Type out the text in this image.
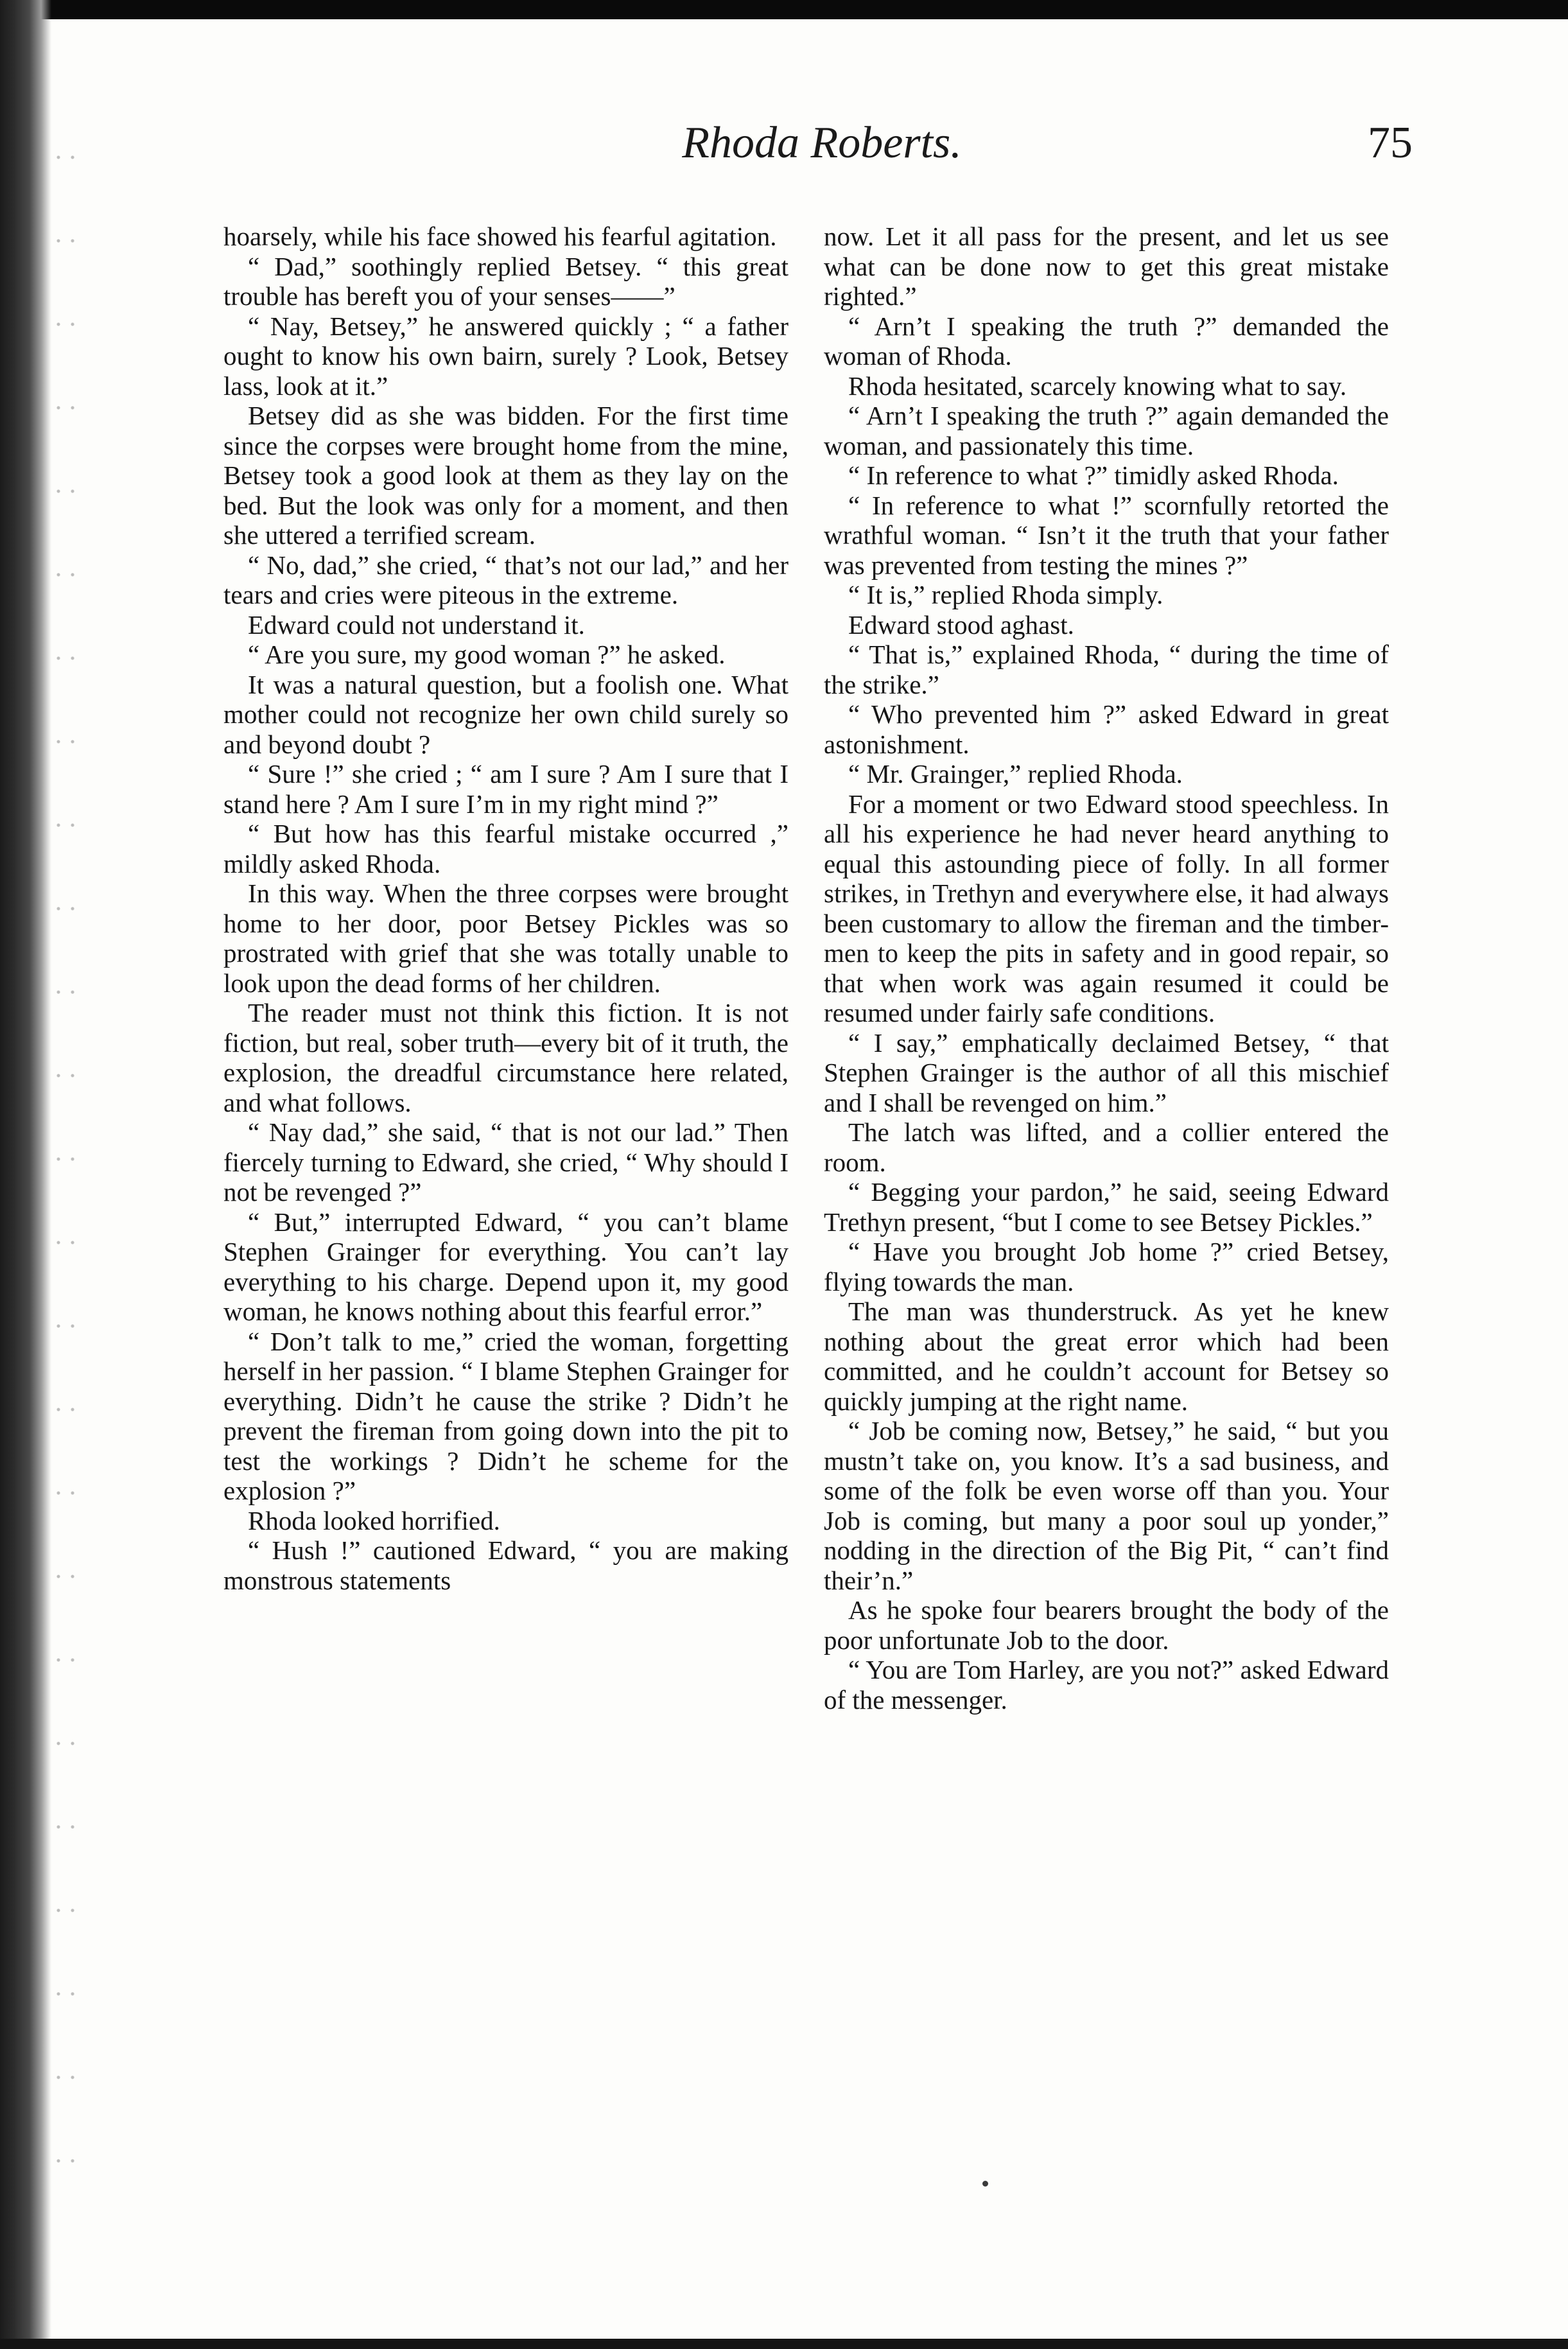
Rhoda Roberts.	75

hoarsely, while his face showed his fearful agitation.

“ Dad,” soothingly replied Betsey. “ this great trouble has bereft you of your senses——”

“ Nay, Betsey,” he answered quickly ; “ a father ought to know his own bairn, surely ? Look, Betsey lass, look at it.”

Betsey did as she was bidden. For the first time since the corpses were brought home from the mine, Betsey took a good look at them as they lay on the bed. But the look was only for a moment, and then she uttered a terrified scream.

“ No, dad,” she cried, “ that’s not our lad,” and her tears and cries were piteous in the extreme.

Edward could not understand it.

“ Are you sure, my good woman ?” he asked.

It was a natural question, but a foolish one. What mother could not recognize her own child surely so and beyond doubt ?

“ Sure !” she cried ; “ am I sure ? Am I sure that I stand here ? Am I sure I’m in my right mind ?”

“ But how has this fearful mistake occurred ,” mildly asked Rhoda.

In this way. When the three corpses were brought home to her door, poor Betsey Pickles was so prostrated with grief that she was totally unable to look upon the dead forms of her children.

The reader must not think this fiction. It is not fiction, but real, sober truth—every bit of it truth, the explosion, the dreadful circumstance here related, and what follows.

“ Nay dad,” she said, “ that is not our lad.” Then fiercely turning to Edward, she cried, “ Why should I not be revenged ?”

“ But,” interrupted Edward, “ you can’t blame Stephen Grainger for everything. You can’t lay everything to his charge. Depend upon it, my good woman, he knows nothing about this fearful error.”

“ Don’t talk to me,” cried the woman, forgetting herself in her passion. “ I blame Stephen Grainger for everything. Didn’t he cause the strike ? Didn’t he prevent the fireman from going down into the pit to test the workings ? Didn’t he scheme for the explosion ?”

Rhoda looked horrified.

“ Hush !” cautioned Edward, “ you are making monstrous statements

now. Let it all pass for the present, and let us see what can be done now to get this great mistake righted.”

“ Arn’t I speaking the truth ?” demanded the woman of Rhoda.

Rhoda hesitated, scarcely knowing what to say.

“ Arn’t I speaking the truth ?” again demanded the woman, and passionately this time.

“ In reference to what ?” timidly asked Rhoda.

“ In reference to what !” scornfully retorted the wrathful woman. “ Isn’t it the truth that your father was prevented from testing the mines ?”

“ It is,” replied Rhoda simply.

Edward stood aghast.

“ That is,” explained Rhoda, “ during the time of the strike.”

“ Who prevented him ?” asked Edward in great astonishment.

“ Mr. Grainger,” replied Rhoda.

For a moment or two Edward stood speechless. In all his experience he had never heard anything to equal this astounding piece of folly. In all former strikes, in Trethyn and everywhere else, it had always been customary to allow the fireman and the timber-men to keep the pits in safety and in good repair, so that when work was again resumed it could be resumed under fairly safe conditions.

“ I say,” emphatically declaimed Betsey, “ that Stephen Grainger is the author of all this mischief and I shall be revenged on him.”

The latch was lifted, and a collier entered the room.

“ Begging your pardon,” he said, seeing Edward Trethyn present, “but I come to see Betsey Pickles.”

“ Have you brought Job home ?” cried Betsey, flying towards the man.

The man was thunderstruck. As yet he knew nothing about the great error which had been committed, and he couldn’t account for Betsey so quickly jumping at the right name.

“ Job be coming now, Betsey,” he said, “ but you mustn’t take on, you know. It’s a sad business, and some of the folk be even worse off than you. Your Job is coming, but many a poor soul up yonder,” nodding in the direction of the Big Pit, “ can’t find their’n.”

As he spoke four bearers brought the body of the poor unfortunate Job to the door.

“ You are Tom Harley, are you not?” asked Edward of the messenger.
